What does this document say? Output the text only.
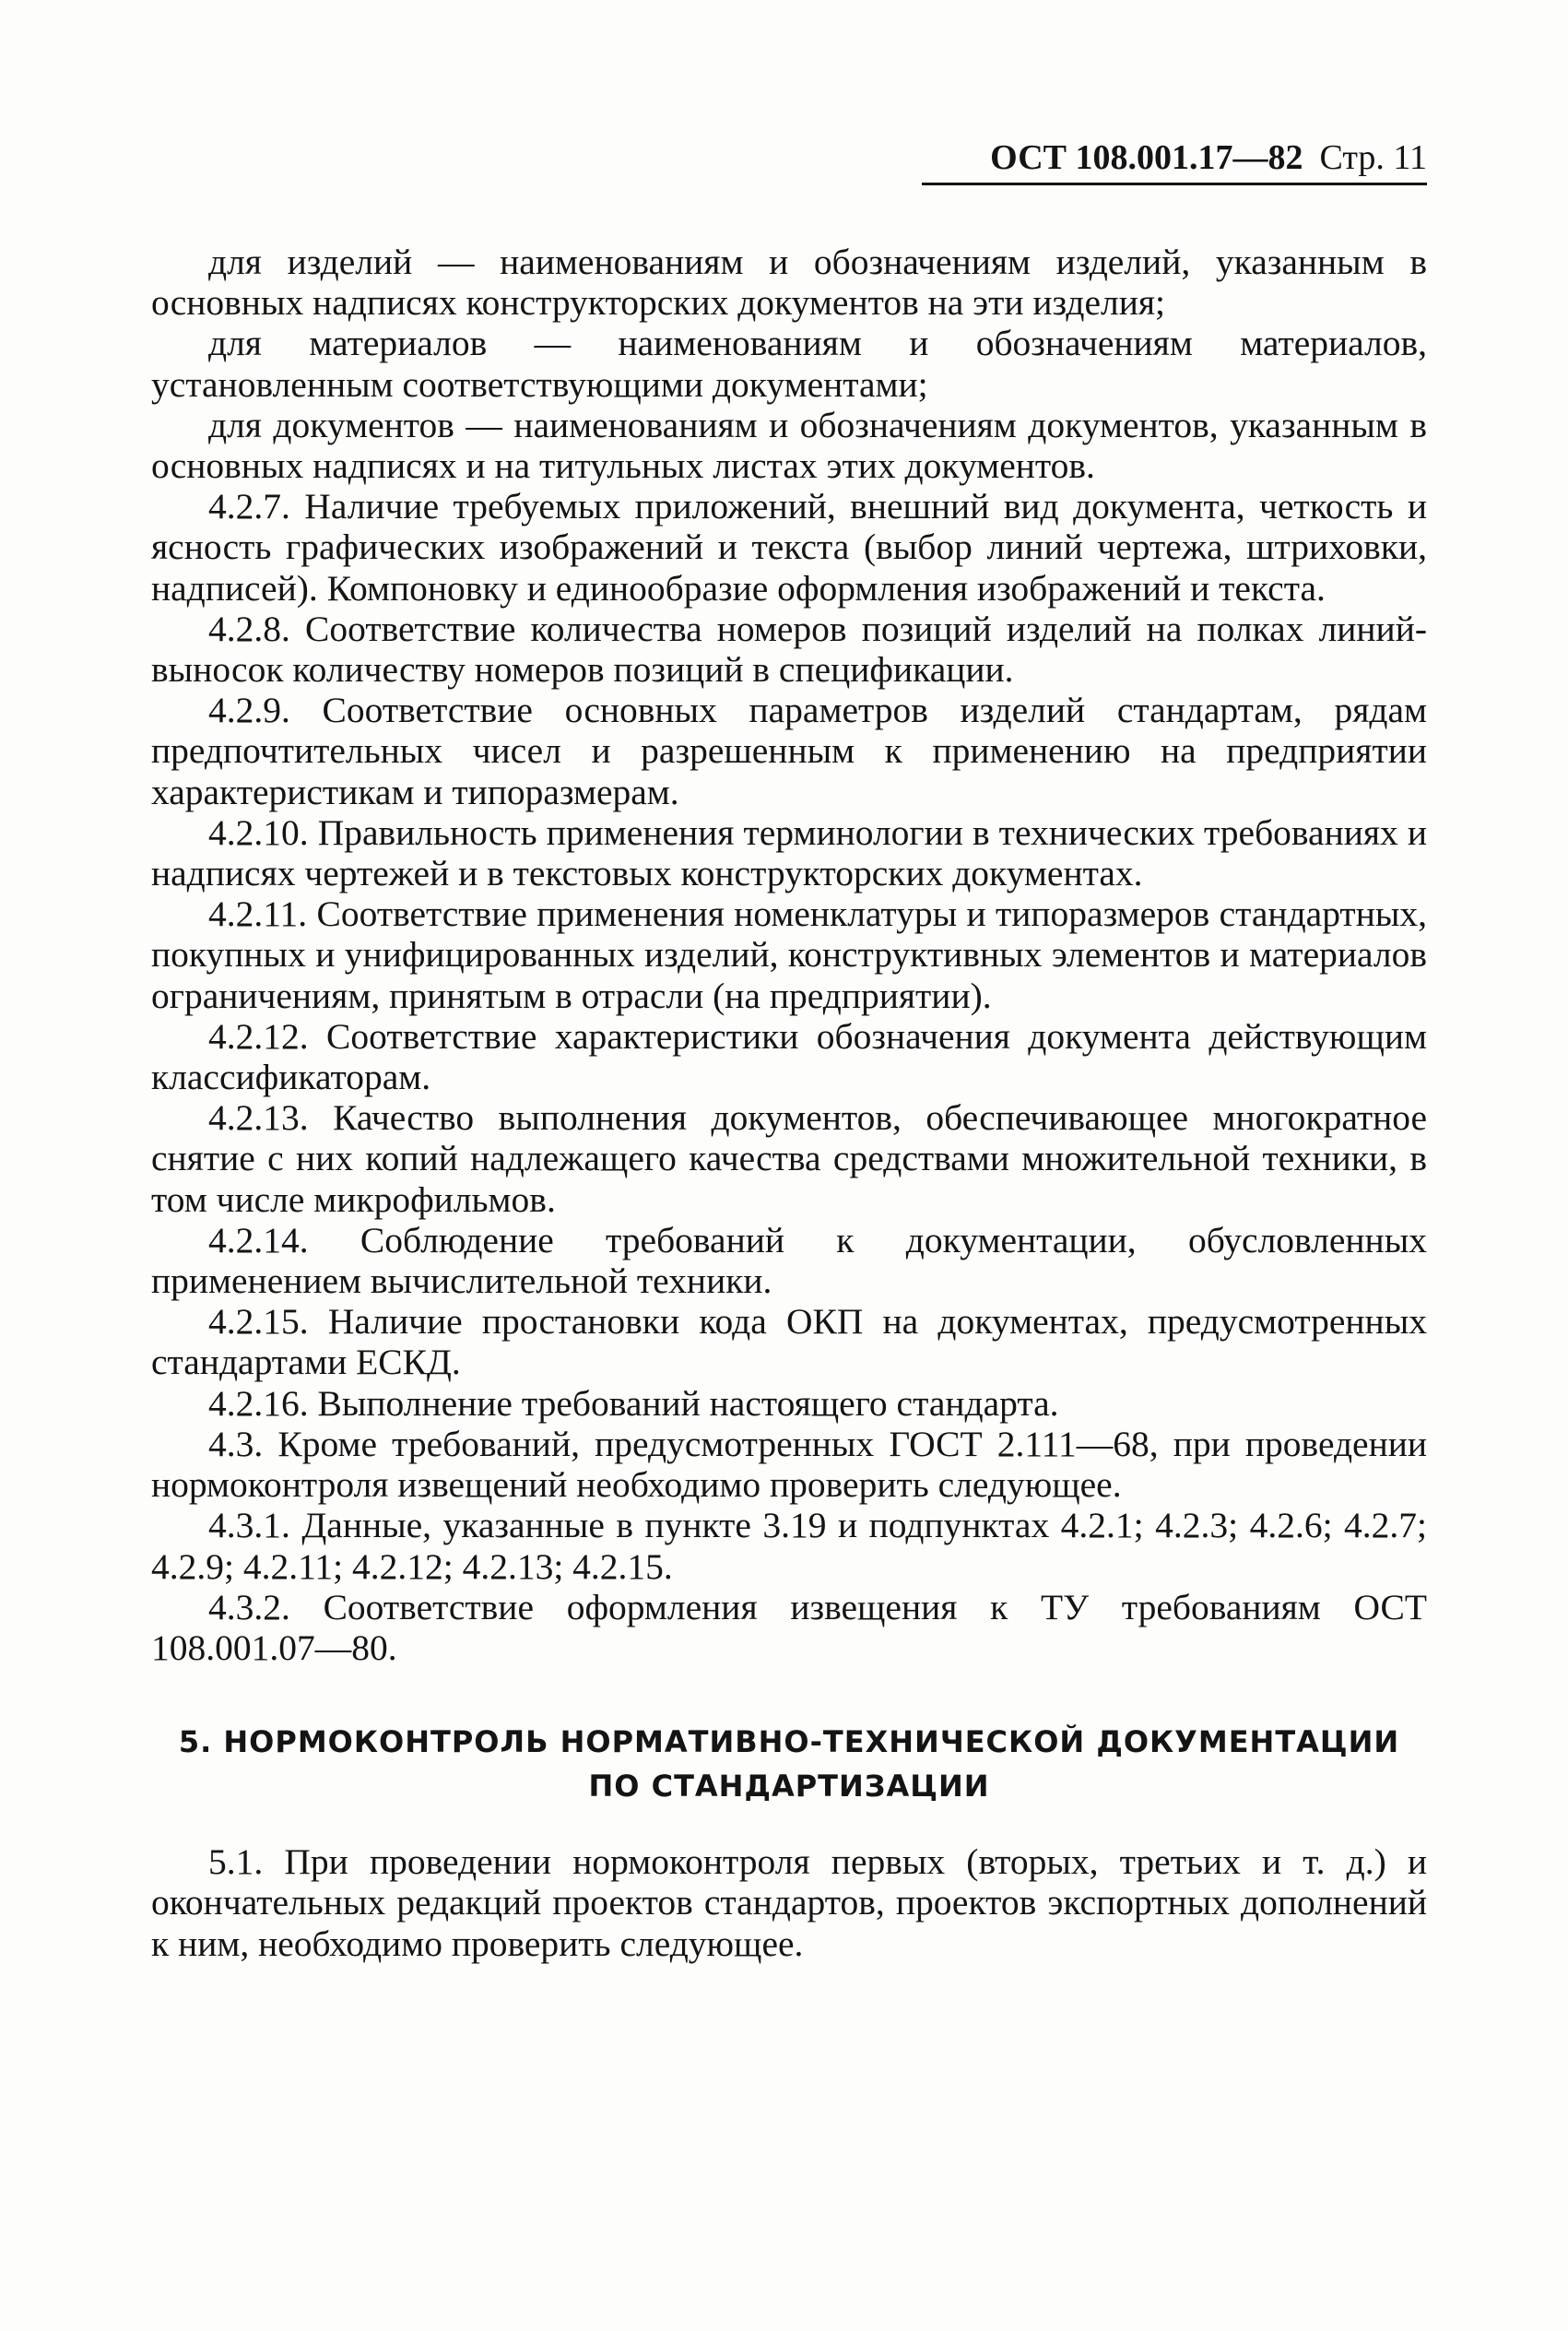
ОСТ 108.001.17—82 Стр. 11

для изделий — наименованиям и обозначениям изделий, указанным в основных надписях конструкторских документов на эти изделия;

для материалов — наименованиям и обозначениям материалов, установленным соответствующими документами;

для документов — наименованиям и обозначениям документов, указанным в основных надписях и на титульных листах этих документов.

4.2.7. Наличие требуемых приложений, внешний вид документа, четкость и ясность графических изображений и текста (выбор линий чертежа, штриховки, надписей). Компоновку и единообразие оформления изображений и текста.

4.2.8. Соответствие количества номеров позиций изделий на полках линий-выносок количеству номеров позиций в спецификации.

4.2.9. Соответствие основных параметров изделий стандартам, рядам предпочтительных чисел и разрешенным к применению на предприятии характеристикам и типоразмерам.

4.2.10. Правильность применения терминологии в технических требованиях и надписях чертежей и в текстовых конструкторских документах.

4.2.11. Соответствие применения номенклатуры и типоразмеров стандартных, покупных и унифицированных изделий, конструктивных элементов и материалов ограничениям, принятым в отрасли (на предприятии).

4.2.12. Соответствие характеристики обозначения документа действующим классификаторам.

4.2.13. Качество выполнения документов, обеспечивающее многократное снятие с них копий надлежащего качества средствами множительной техники, в том числе микрофильмов.

4.2.14. Соблюдение требований к документации, обусловленных применением вычислительной техники.

4.2.15. Наличие простановки кода ОКП на документах, предусмотренных стандартами ЕСКД.

4.2.16. Выполнение требований настоящего стандарта.

4.3. Кроме требований, предусмотренных ГОСТ 2.111—68, при проведении нормоконтроля извещений необходимо проверить следующее.

4.3.1. Данные, указанные в пункте 3.19 и подпунктах 4.2.1; 4.2.3; 4.2.6; 4.2.7; 4.2.9; 4.2.11; 4.2.12; 4.2.13; 4.2.15.

4.3.2. Соответствие оформления извещения к ТУ требованиям ОСТ 108.001.07—80.

5. НОРМОКОНТРОЛЬ НОРМАТИВНО-ТЕХНИЧЕСКОЙ ДОКУМЕНТАЦИИ
ПО СТАНДАРТИЗАЦИИ

5.1. При проведении нормоконтроля первых (вторых, третьих и т. д.) и окончательных редакций проектов стандартов, проектов экспортных дополнений к ним, необходимо проверить следующее.
